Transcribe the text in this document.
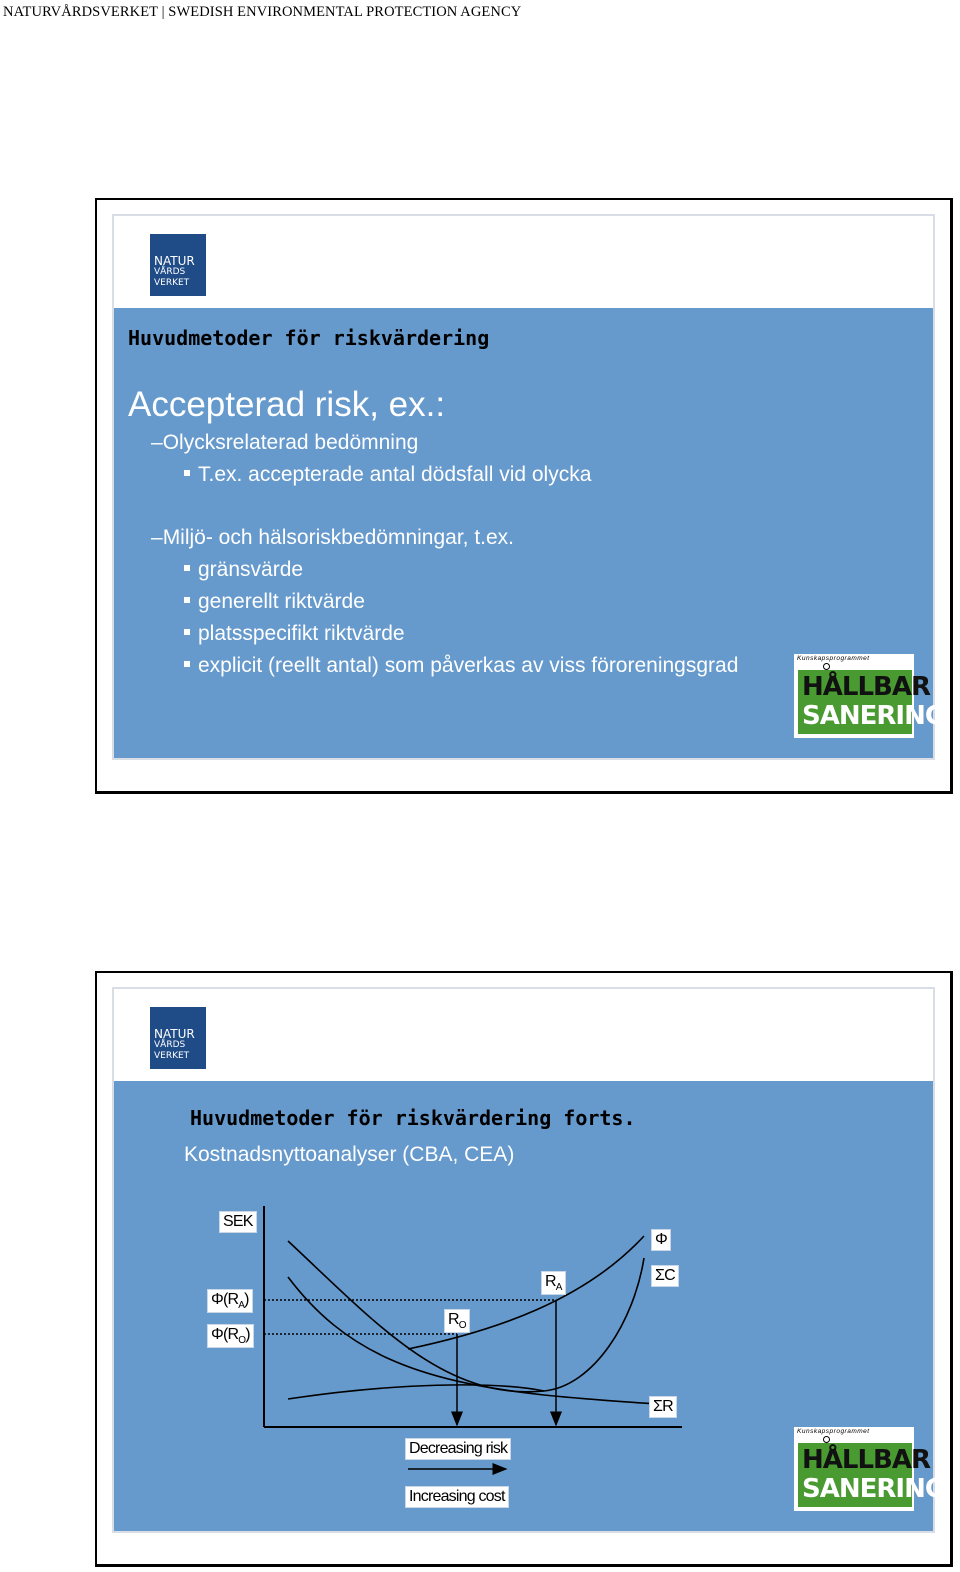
NATURVÅRDSVERKET | SWEDISH ENVIRONMENTAL PROTECTION AGENCY
NATUR
VÅRDS
VERKET
Huvudmetoder för riskvärdering
Accepterad risk, ex.:
–Olycksrelaterad bedömning
T.ex. accepterade antal dödsfall vid olycka
–Miljö- och hälsoriskbedömningar, t.ex.
gränsvärde
generellt riktvärde
platsspecifikt riktvärde
explicit (reellt antal) som påverkas av viss föroreningsgrad	Kunskapsprogrammet
HÅLLBAR
SANERING
NATUR
VÅRDS
VERKET
Huvudmetoder för riskvärdering forts.
Kostnadsnyttoanalyser (CBA, CEA)
SEK
$\Phi(R_A)$
$\Phi(R_O)$
$R_A$
$R_O$
Φ
ΣC
ΣR
Decreasing risk
Increasing cost
Kunskapsprogrammet
HÅLLBAR
SANERING
